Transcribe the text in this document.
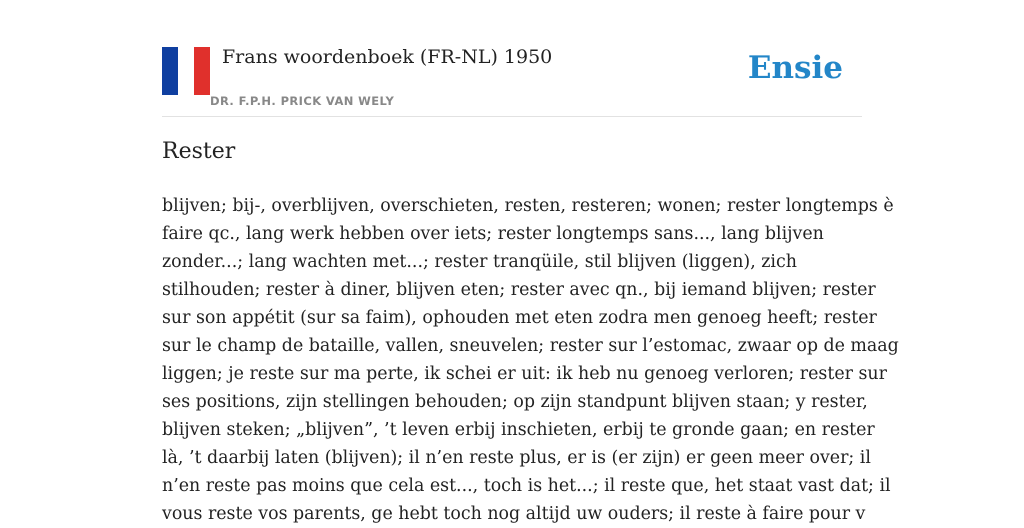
Frans woordenboek (FR-NL) 1950
DR. F.P.H. PRICK VAN WELY
Ensie
Rester
blijven; bij-, overblijven, overschieten, resten, resteren; wonen; rester longtemps è
faire qc., lang werk hebben over iets; rester longtemps sans..., lang blijven
zonder...; lang wachten met...; rester tranqüile, stil blijven (liggen), zich
stilhouden; rester à diner, blijven eten; rester avec qn., bij iemand blijven; rester
sur son appétit (sur sa faim), ophouden met eten zodra men genoeg heeft; rester
sur le champ de bataille, vallen, sneuvelen; rester sur l’estomac, zwaar op de maag
liggen; je reste sur ma perte, ik schei er uit: ik heb nu genoeg verloren; rester sur
ses positions, zijn stellingen behouden; op zijn standpunt blijven staan; y rester,
blijven steken; „blijven”, ’t leven erbij inschieten, erbij te gronde gaan; en rester
là, ’t daarbij laten (blijven); il n’en reste plus, er is (er zijn) er geen meer over; il
n’en reste pas moins que cela est..., toch is het...; il reste que, het staat vast dat; il
vous reste vos parents, ge hebt toch nog altijd uw ouders; il reste à faire pour v
